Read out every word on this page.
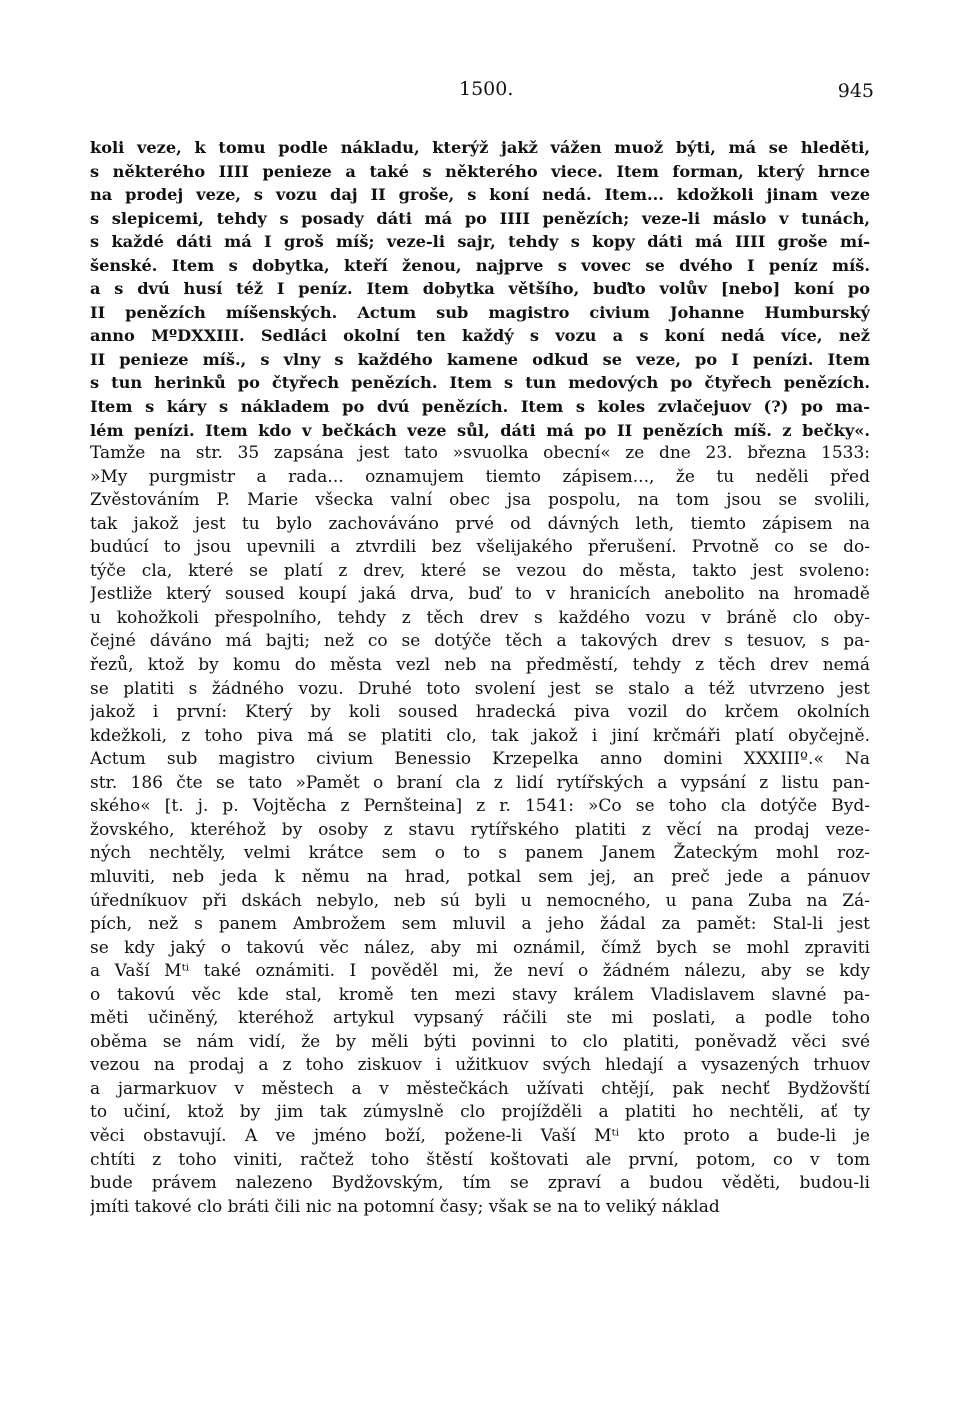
1500.	945
koli veze, k tomu podle nákladu, kterýž jakž vážen muož býti, má se hleděti,
s některého IIII penieze a také s některého viece. Item forman, který hrnce
na prodej veze, s vozu daj II groše, s koní nedá. Item... kdožkoli jinam veze
s slepicemi, tehdy s posady dáti má po IIII penězích; veze-li máslo v tunách,
s každé dáti má I groš míš; veze-li sajr, tehdy s kopy dáti má IIII groše mí-
šenské. Item s dobytka, kteří ženou, najprve s vovec se dvého I peníz míš.
a s dvú husí též I peníz. Item dobytka většího, buďto volův [nebo] koní po
II penězích míšenských. Actum sub magistro civium Johanne Humburský
anno MºDXXIII. Sedláci okolní ten každý s vozu a s koní nedá více, než
II penieze míš., s vlny s každého kamene odkud se veze, po I penízi. Item
s tun herinků po čtyřech penězích. Item s tun medových po čtyřech penězích.
Item s káry s nákladem po dvú penězích. Item s koles zvlačejuov (?) po ma-
lém penízi. Item kdo v bečkách veze sůl, dáti má po II penězích míš. z bečky«.
Tamže na str. 35 zapsána jest tato »svuolka obecní« ze dne 23. března 1533:
»My purgmistr a rada... oznamujem tiemto zápisem..., že tu neděli před
Zvěstováním P. Marie všecka valní obec jsa pospolu, na tom jsou se svolili,
tak jakož jest tu bylo zachováváno prvé od dávných leth, tiemto zápisem na
budúcí to jsou upevnili a ztvrdili bez všelijakého přerušení. Prvotně co se do-
týče cla, které se platí z drev, které se vezou do města, takto jest svoleno:
Jestliže který soused koupí jaká drva, buď to v hranicích anebolito na hromadě
u kohožkoli přespolního, tehdy z těch drev s každého vozu v bráně clo oby-
čejné dáváno má bajti; než co se dotýče těch a takových drev s tesuov, s pa-
řezů, ktož by komu do města vezl neb na předměstí, tehdy z těch drev nemá
se platiti s žádného vozu. Druhé toto svolení jest se stalo a též utvrzeno jest
jakož i první: Který by koli soused hradecká piva vozil do krčem okolních
kdežkoli, z toho piva má se platiti clo, tak jakož i jiní krčmáři platí obyčejně.
Actum sub magistro civium Benessio Krzepelka anno domini XXXIIIº.« Na
str. 186 čte se tato »Pamět o braní cla z lidí rytířských a vypsání z listu pan-
ského« [t. j. p. Vojtěcha z Pernšteina] z r. 1541: »Co se toho cla dotýče Byd-
žovského, kteréhož by osoby z stavu rytířského platiti z věcí na prodaj veze-
ných nechtěly, velmi krátce sem o to s panem Janem Žateckým mohl roz-
mluviti, neb jeda k němu na hrad, potkal sem jej, an preč jede a pánuov
úředníkuov při dskách nebylo, neb sú byli u nemocného, u pana Zuba na Zá-
pích, než s panem Ambrožem sem mluvil a jeho žádal za pamět: Stal-li jest
se kdy jaký o takovú věc nález, aby mi oznámil, čímž bych se mohl zpraviti
a Vaší Mᵗⁱ také oznámiti. I pověděl mi, že neví o žádném nálezu, aby se kdy
o takovú věc kde stal, kromě ten mezi stavy králem Vladislavem slavné pa-
měti učiněný, kteréhož artykul vypsaný ráčili ste mi poslati, a podle toho
oběma se nám vidí, že by měli býti povinni to clo platiti, poněvadž věci své
vezou na prodaj a z toho ziskuov i užitkuov svých hledají a vysazených trhuov
a jarmarkuov v městech a v městečkách užívati chtějí, pak nechť Bydžovští
to učiní, ktož by jim tak zúmyslně clo projížděli a platiti ho nechtěli, ať ty
věci obstavují. A ve jméno boží, požene-li Vaší Mᵗⁱ kto proto a bude-li je
chtíti z toho viniti, račtež toho štěstí koštovati ale první, potom, co v tom
bude právem nalezeno Bydžovským, tím se zpraví a budou věděti, budou-li
jmíti takové clo bráti čili nic na potomní časy; však se na to veliký náklad
